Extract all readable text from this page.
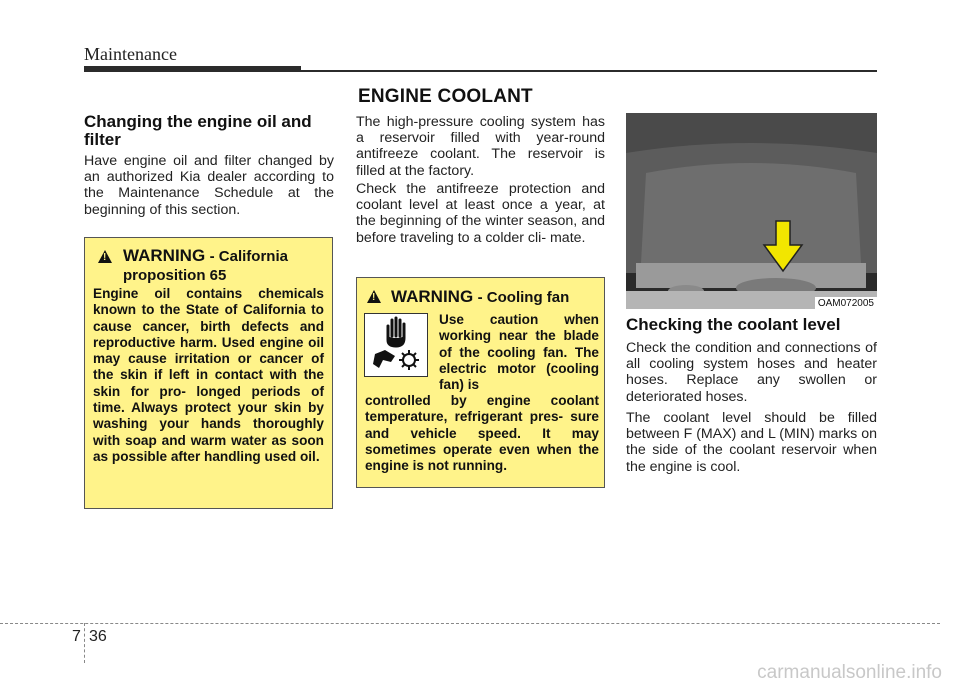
Maintenance
ENGINE COOLANT
Changing the engine oil and filter
Have engine oil and filter changed by an authorized Kia dealer according to the Maintenance Schedule at the beginning of this section.
!
WARNING - California
proposition 65
Engine oil contains chemicals known to the State of California to cause cancer, birth defects and reproductive harm. Used engine oil may cause irritation or cancer of the skin if left in contact with the skin for pro- longed periods of time. Always protect your skin by washing your hands thoroughly with soap and warm water as soon as possible after handling used oil.
The high-pressure cooling system has a reservoir filled with year-round antifreeze coolant. The reservoir is filled at the factory.
Check the antifreeze protection and coolant level at least once a year, at the beginning of the winter season, and before traveling to a colder cli- mate.
!
WARNING - Cooling fan
Use caution when working near the blade of the cooling fan. The electric motor (cooling fan) is
controlled by engine coolant temperature, refrigerant pres- sure and vehicle speed. It may sometimes operate even when the engine is not running.
OAM072005
Checking the coolant level
Check the condition and connections of all cooling system hoses and heater hoses. Replace any swollen or deteriorated hoses.
The coolant level should be filled between F (MAX) and L (MIN) marks on the side of the coolant reservoir when the engine is cool.
7 36
carmanualsonline.info
